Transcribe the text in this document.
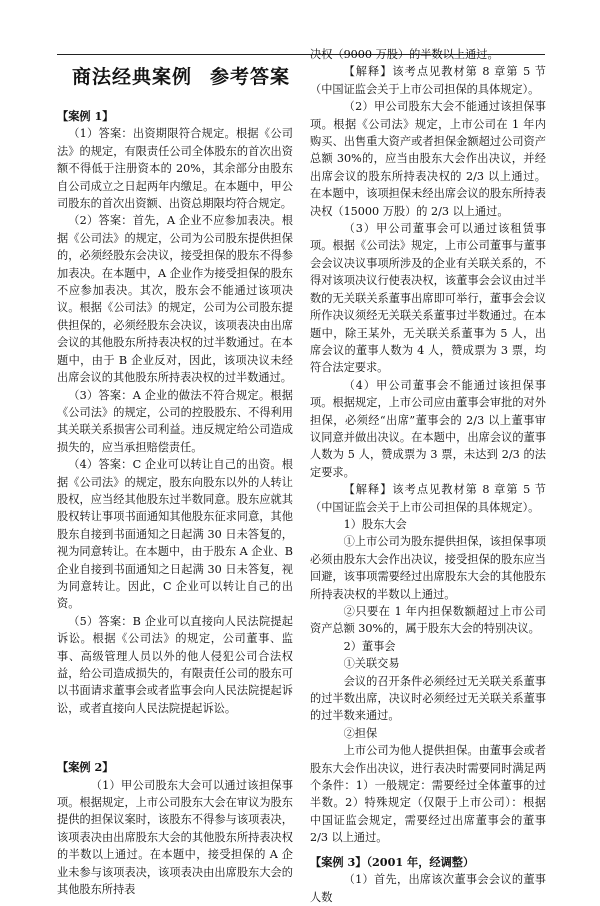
商法经典案例 参考答案

【案例 1】

（1）答案：出资期限符合规定。根据《公司法》的规定，有限责任公司全体股东的首次出资额不得低于注册资本的 20%，其余部分由股东自公司成立之日起两年内缴足。在本题中，甲公司股东的首次出资额、出资总期限均符合规定。

（2）答案：首先，A 企业不应参加表决。根据《公司法》的规定，公司为公司股东提供担保的，必须经股东会决议，接受担保的股东不得参加表决。在本题中，A 企业作为接受担保的股东不应参加表决。其次，股东会不能通过该项决议。根据《公司法》的规定，公司为公司股东提供担保的，必须经股东会决议，该项表决由出席会议的其他股东所持表决权的过半数通过。在本题中，由于 B 企业反对，因此，该项决议未经出席会议的其他股东所持表决权的过半数通过。

（3）答案：A 企业的做法不符合规定。根据《公司法》的规定，公司的控股股东、不得利用其关联关系损害公司利益。违反规定给公司造成损失的，应当承担赔偿责任。

（4）答案：C 企业可以转让自己的出资。根据《公司法》的规定，股东向股东以外的人转让股权，应当经其他股东过半数同意。股东应就其股权转让事项书面通知其他股东征求同意，其他股东自接到书面通知之日起满 30 日未答复的，视为同意转让。在本题中，由于股东 A 企业、B 企业自接到书面通知之日起满 30 日未答复，视为同意转让。因此，C 企业可以转让自己的出资。

（5）答案：B 企业可以直接向人民法院提起诉讼。根据《公司法》的规定，公司董事、监事、高级管理人员以外的他人侵犯公司合法权益，给公司造成损失的，有限责任公司的股东可以书面请求董事会或者监事会向人民法院提起诉讼，或者直接向人民法院提起诉讼。

【案例 2】

（1）甲公司股东大会可以通过该担保事项。根据规定，上市公司股东大会在审议为股东提供的担保议案时，该股东不得参与该项表决，该项表决由出席股东大会的其他股东所持表决权的半数以上通过。在本题中，接受担保的 A 企业未参与该项表决，该项表决由出席股东大会的其他股东所持表

决权（9000 万股）的半数以上通过。

【解释】该考点见教材第 8 章第 5 节（中国证监会关于上市公司担保的具体规定）。

（2）甲公司股东大会不能通过该担保事项。根据《公司法》规定，上市公司在 1 年内购买、出售重大资产或者担保金额超过公司资产总额 30%的，应当由股东大会作出决议，并经出席会议的股东所持表决权的 2/3 以上通过。在本题中，该项担保未经出席会议的股东所持表决权（15000 万股）的 2/3 以上通过。

（3）甲公司董事会可以通过该租赁事项。根据《公司法》规定，上市公司董事与董事会会议决议事项所涉及的企业有关联关系的，不得对该项决议行使表决权，该董事会会议由过半数的无关联关系董事出席即可举行，董事会会议所作决议须经无关联关系董事过半数通过。在本题中，除王某外，无关联关系董事为 5 人，出席会议的董事人数为 4 人，赞成票为 3 票，均符合法定要求。

（4）甲公司董事会不能通过该担保事项。根据规定，上市公司应由董事会审批的对外担保，必须经“出席”董事会的 2/3 以上董事审议同意并做出决议。在本题中，出席会议的董事人数为 5 人，赞成票为 3 票，未达到 2/3 的法定要求。

【解释】该考点见教材第 8 章第 5 节（中国证监会关于上市公司担保的具体规定）。

1）股东大会

①上市公司为股东提供担保，该担保事项必须由股东大会作出决议，接受担保的股东应当回避，该事项需要经过出席股东大会的其他股东所持表决权的半数以上通过。

②只要在 1 年内担保数额超过上市公司资产总额 30%的，属于股东大会的特别决议。

2）董事会

①关联交易

会议的召开条件必须经过无关联关系董事的过半数出席，决议时必须经过无关联关系董事的过半数来通过。

②担保

上市公司为他人提供担保。由董事会或者股东大会作出决议，进行表决时需要同时满足两个条件：1）一般规定：需要经过全体董事的过半数。2）特殊规定（仅限于上市公司）：根据中国证监会规定，需要经过出席董事会的董事 2/3 以上通过。

【案例 3】（2001 年，经调整）

（1）首先，出席该次董事会会议的董事人数
